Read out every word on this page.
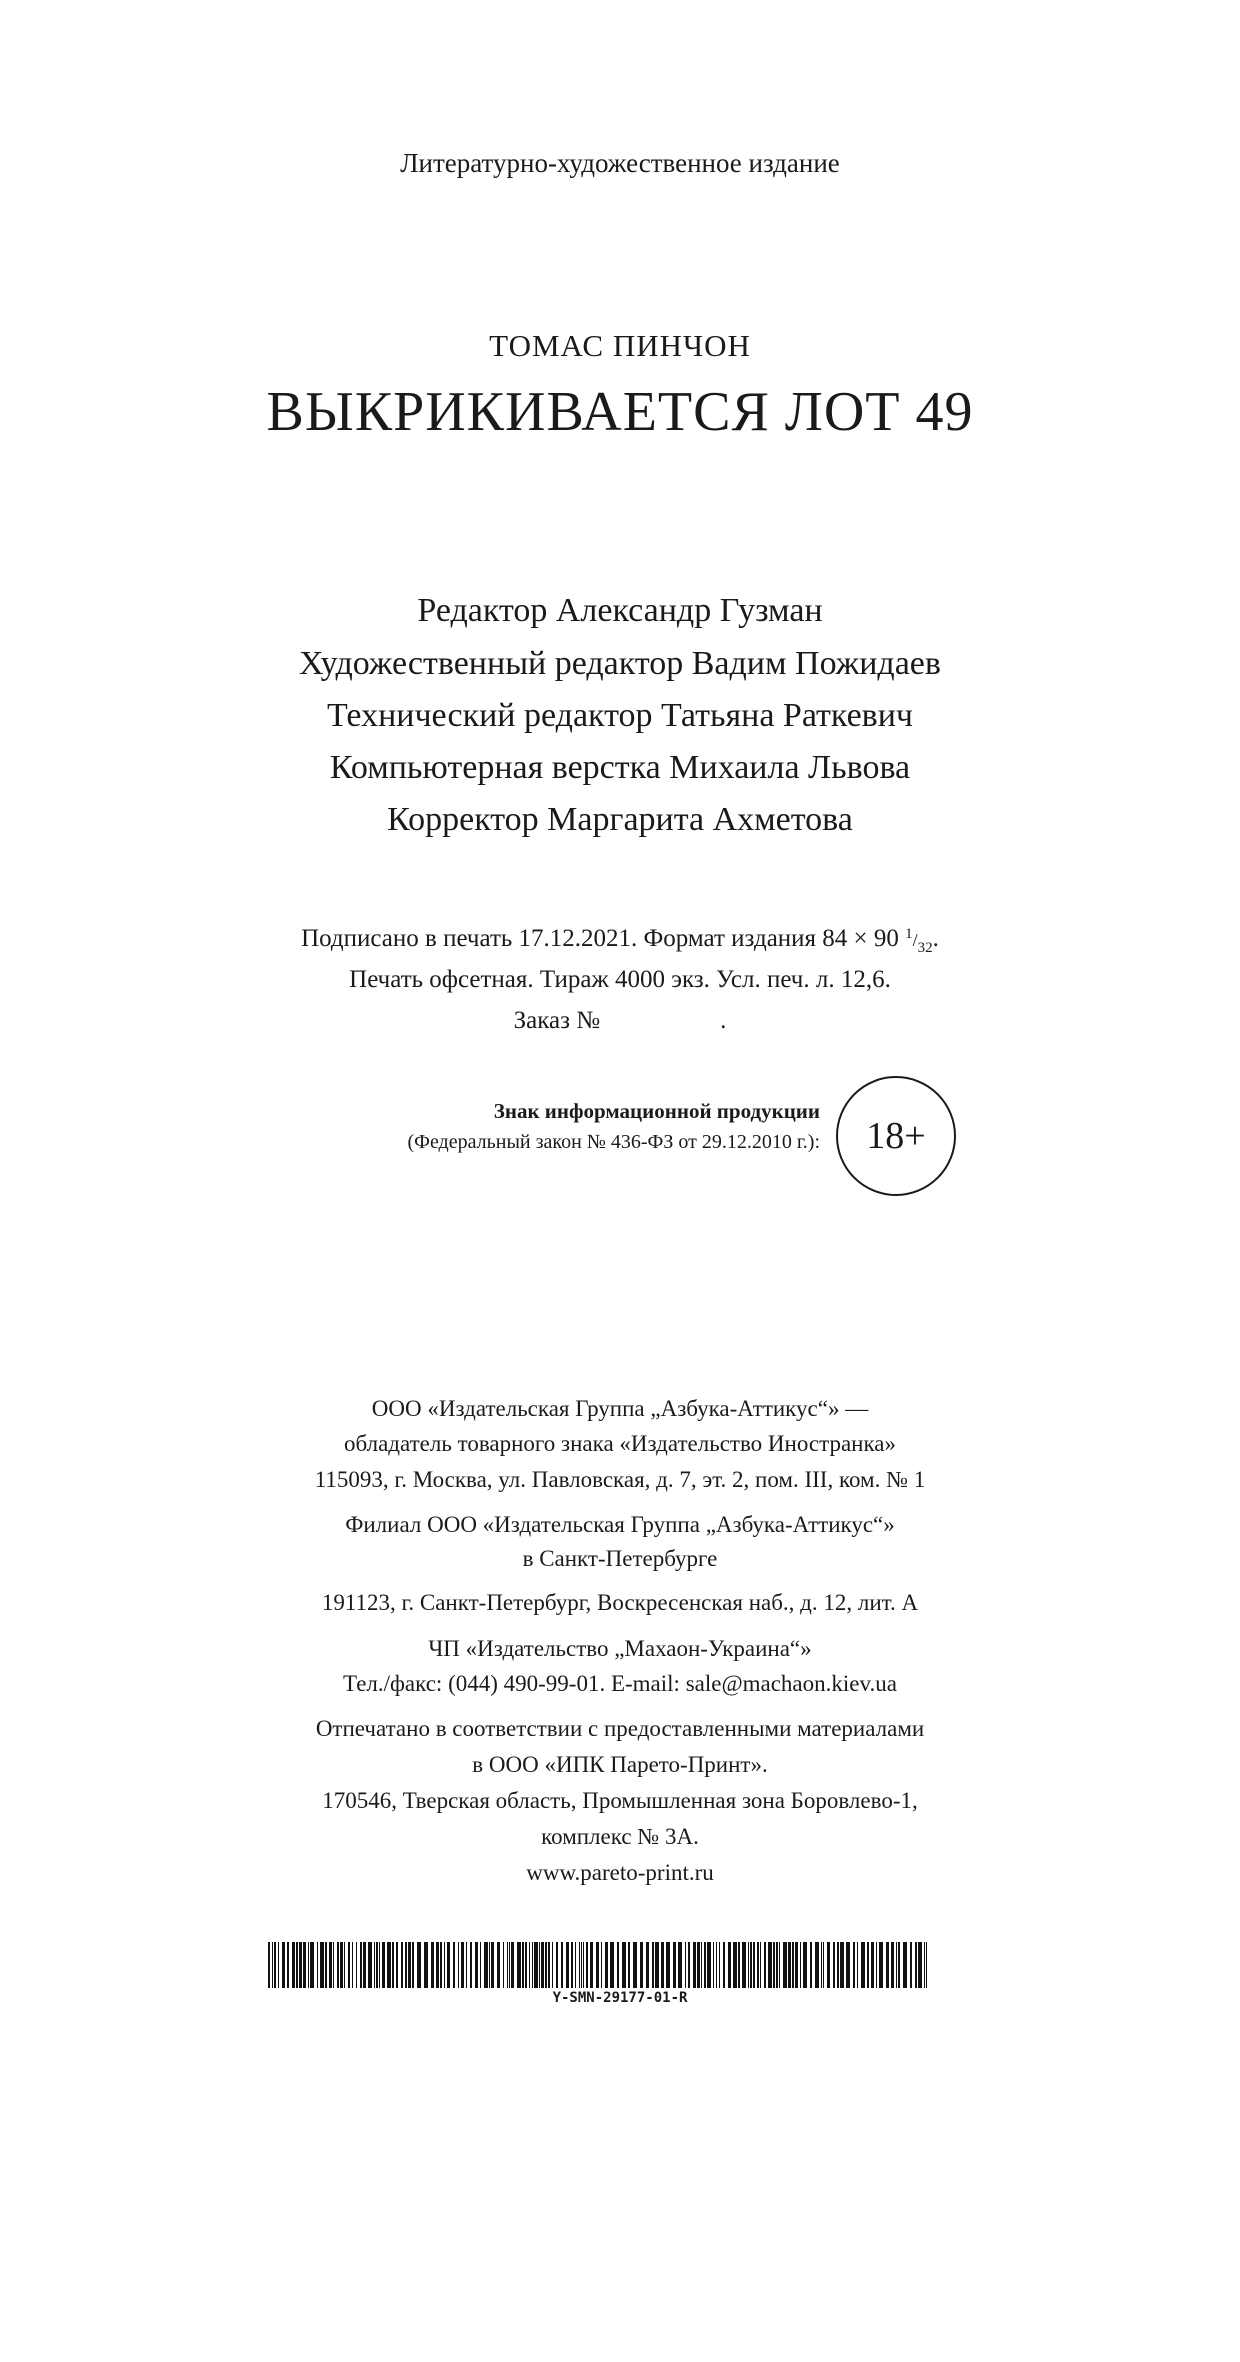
Литературно-художественное издание
ТОМАС ПИНЧОН
ВЫКРИКИВАЕТСЯ ЛОТ 49
Редактор Александр Гузман
Художественный редактор Вадим Пожидаев
Технический редактор Татьяна Раткевич
Компьютерная верстка Михаила Львова
Корректор Маргарита Ахметова
Подписано в печать 17.12.2021. Формат издания 84 × 90 $^1/_{32}$.
Печать офсетная. Тираж 4000 экз. Усл. печ. л. 12,6.
Заказ №	.
Знак информационной продукции
(Федеральный закон № 436-ФЗ от 29.12.2010 г.): 18+
ООО «Издательская Группа „Азбука-Аттикус“» —
обладатель товарного знака «Издательство Иностранка»
115093, г. Москва, ул. Павловская, д. 7, эт. 2, пом. III, ком. № 1
Филиал ООО «Издательская Группа „Азбука-Аттикус“»
в Санкт-Петербурге
191123, г. Санкт-Петербург, Воскресенская наб., д. 12, лит. А
ЧП «Издательство „Махаон-Украина“»
Тел./факс: (044) 490-99-01. E-mail: sale@machaon.kiev.ua
Отпечатано в соответствии с предоставленными материалами
в ООО «ИПК Парето-Принт».
170546, Тверская область, Промышленная зона Боровлево-1,
комплекс № 3А.
www.pareto-print.ru
Y-SMN-29177-01-R
